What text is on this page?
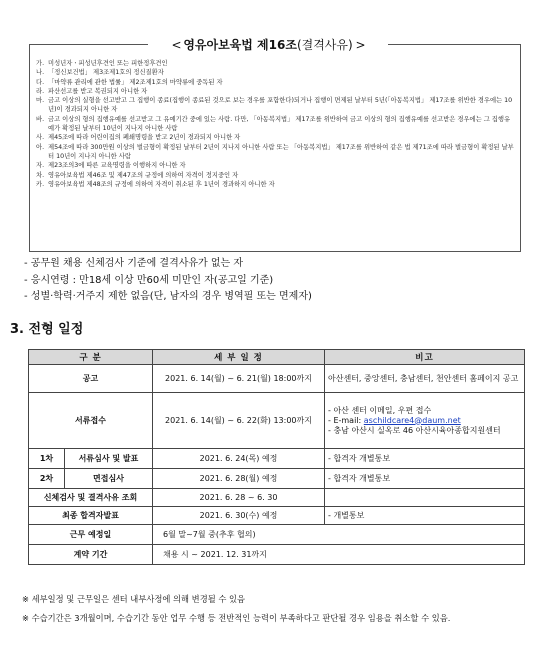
< 영유아보육법 제16조(결격사유) >
가. 미성년자ㆍ피성년후견인 또는 피한정후견인
나. 「정신보건법」 제3조제1호의 정신질환자
다. 「마약류 관리에 관한 법률」 제2조제1호의 마약류에 중독된 자
라. 파산선고를 받고 복권되지 아니한 자
마. 금고 이상의 실형을 선고받고 그 집행이 종료(집행이 종료된 것으로 보는 경우를 포함한다)되거나 집행이 면제된 날부터 5년(「아동복지법」 제17조를 위반한 경우에는 10년)이 경과되지 아니한 자
바. 금고 이상의 형의 집행유예를 선고받고 그 유예기간 중에 있는 사람. 다만, 「아동복지법」 제17조를 위반하여 금고 이상의 형의 집행유예를 선고받은 경우에는 그 집행유예가 확정된 날부터 10년이 지나지 아니한 사람
사. 제45조에 따라 어린이집의 폐쇄명령을 받고 2년이 경과되지 아니한 자
아. 제54조에 따라 300만원 이상의 벌금형이 확정된 날부터 2년이 지나지 아니한 사람 또는 「아동복지법」 제17조를 위반하여 같은 법 제71조에 따라 벌금형이 확정된 날부터 10년이 지나지 아니한 사람
자. 제23조의3에 따른 교육명령을 이행하지 아니한 자
차. 영유아보육법 제46조 및 제47조의 규정에 의하여 자격이 정지중인 자
카. 영유아보육법 제48조의 규정에 의하여 자격이 취소된 후 1년이 경과하지 아니한 자
- 공무원 채용 신체검사 기준에 결격사유가 없는 자
- 응시연령 : 만18세 이상 만60세 미만인 자(공고일 기준)
- 성별·학력·거주지 제한 없음(단, 남자의 경우 병역필 또는 면제자)
3. 전형 일정
구 분		세 부 일 정	비고
공고		2021. 6. 14(월) ~ 6. 21(월) 18:00까지	아산센터, 중앙센터, 충남센터, 천안센터 홈페이지 공고
서류접수		2021. 6. 14(월) ~ 6. 22(화) 13:00까지	- 아산 센터 이메일, 우편 접수
- E-mail: aschildcare4@daum.net
- 충남 아산시 실옥로 46 아산시육아종합지원센터

1차	서류심사 및 발표	2021. 6. 24(목) 예정	- 합격자 개별통보
2차	면접심사	2021. 6. 28(월) 예정	- 합격자 개별통보
신체검사 및 결격사유 조회		2021. 6. 28 ~ 6. 30	
최종 합격자발표		2021. 6. 30(수) 예정	- 개별통보
근무 예정일		6월 말~7월 중(추후 협의)	
계약 기간		채용 시 ~ 2021. 12. 31까지	
※ 세부일정 및 근무일은 센터 내부사정에 의해 변경될 수 있음
※ 수습기간은 3개월이며, 수습기간 동안 업무 수행 등 전반적인 능력이 부족하다고 판단될 경우 임용을 취소할 수 있음.
